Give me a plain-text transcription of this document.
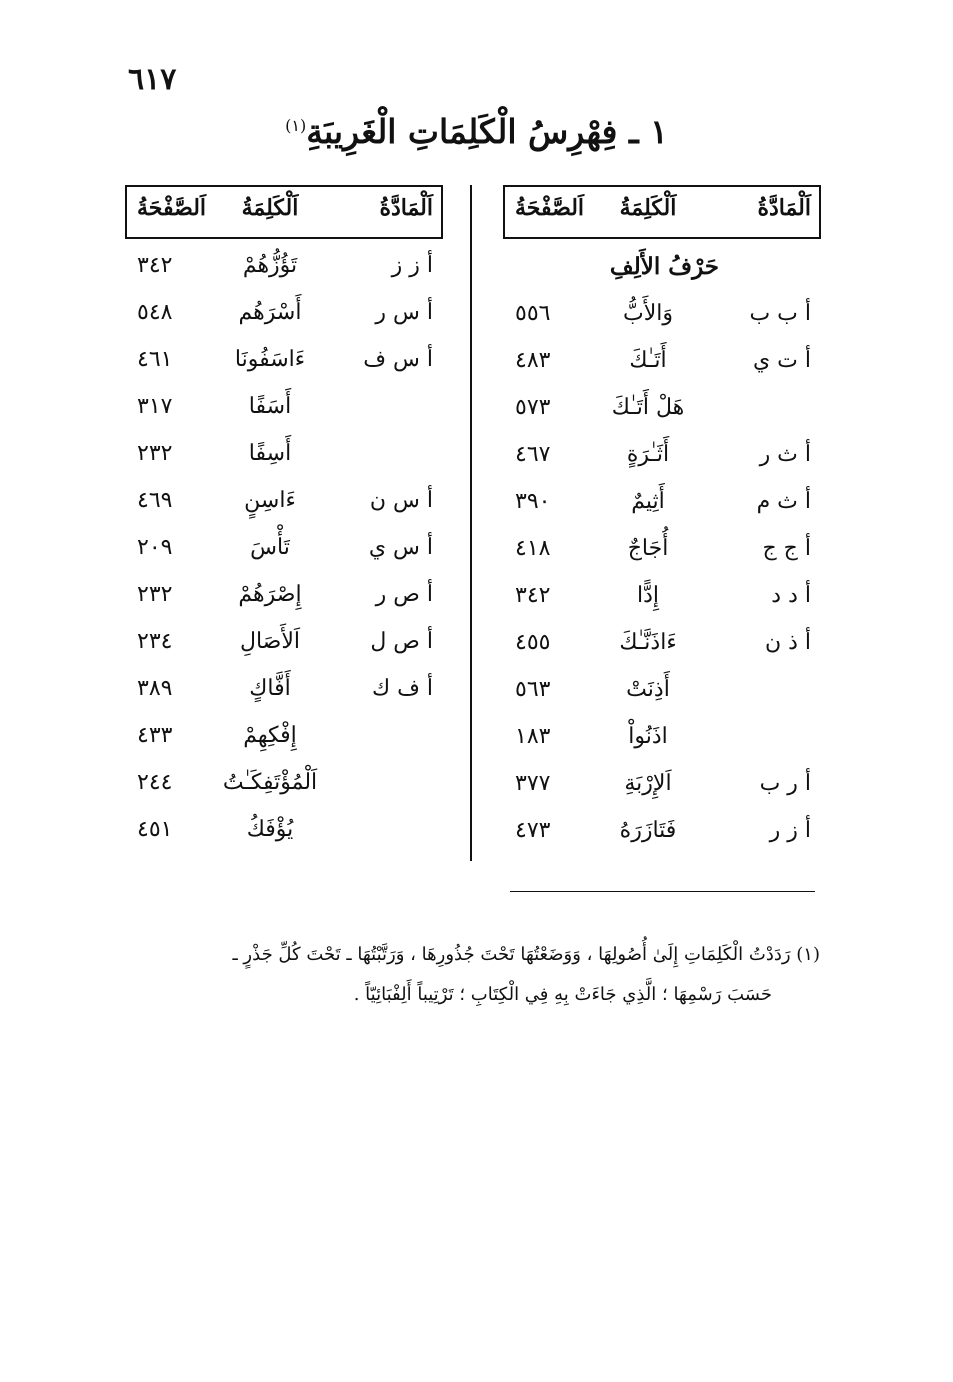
٦١٧
١ ـ فِهْرِسُ الْكَلِمَاتِ الْغَرِيبَةِ$^{(١)}$
اَلْمَادَّةُ
اَلْكَلِمَةُ
اَلصَّفْحَةُ
حَرْفُ الأَلِفِ
أ ب ب
وَالأَبُّ
٥٥٦
أ ت ي
أَتَـٰكَ
٤٨٣
هَلْ أَتَـٰكَ
٥٧٣
أ ث ر
أَثَـٰرَةٍ
٤٦٧
أ ث م
أَثِيمٌ
٣٩٠
أ ج ج
أُجَاجٌ
٤١٨
أ د د
إِدًّا
٣٤٢
أ ذ ن
ءَاذَنَّـٰكَ
٤٥٥
أَذِنَتْ
٥٦٣
اذَنُواْ
١٨٣
أ ر ب
اَلإِرْبَةِ
٣٧٧
أ ز ر
فَتَازَرَهُ
٤٧٣
اَلْمَادَّةُ
اَلْكَلِمَةُ
اَلصَّفْحَةُ
أ ز ز
تَؤُزُّهُمْ
٣٤٢
أ س ر
أَسْرَهُم
٥٤٨
أ س ف
ءَاسَفُونَا
٤٦١
أَسَفًا
٣١٧
أَسِفًا
٢٣٢
أ س ن
ءَاسِنٍ
٤٦٩
أ س ي
تَأْسَ
٢٠٩
أ ص ر
إِصْرَهُمْ
٢٣٢
أ ص ل
اَلأَصَالِ
٢٣٤
أ ف ك
أَفَّاكٍ
٣٨٩
إِفْكِهِمْ
٤٣٣
اَلْمُؤْتَفِكَـٰتُ
٢٤٤
يُؤْفَكُ
٤٥١
(١) رَدَدْتُ الْكَلِمَاتِ إِلَىٰ أُصُولِهَا ، وَوَضَعْتُهَا تَحْتَ جُذُورِهَا ، وَرَتَّبْتُهَا ـ تَحْتَ كُلِّ جَذْرٍ ـ
حَسَبَ رَسْمِهَا ؛ الَّذِي جَاءَتْ بِهِ فِي الْكِتَابِ ؛ تَرْتِيباً أَلِفْبَائِيّاً .
